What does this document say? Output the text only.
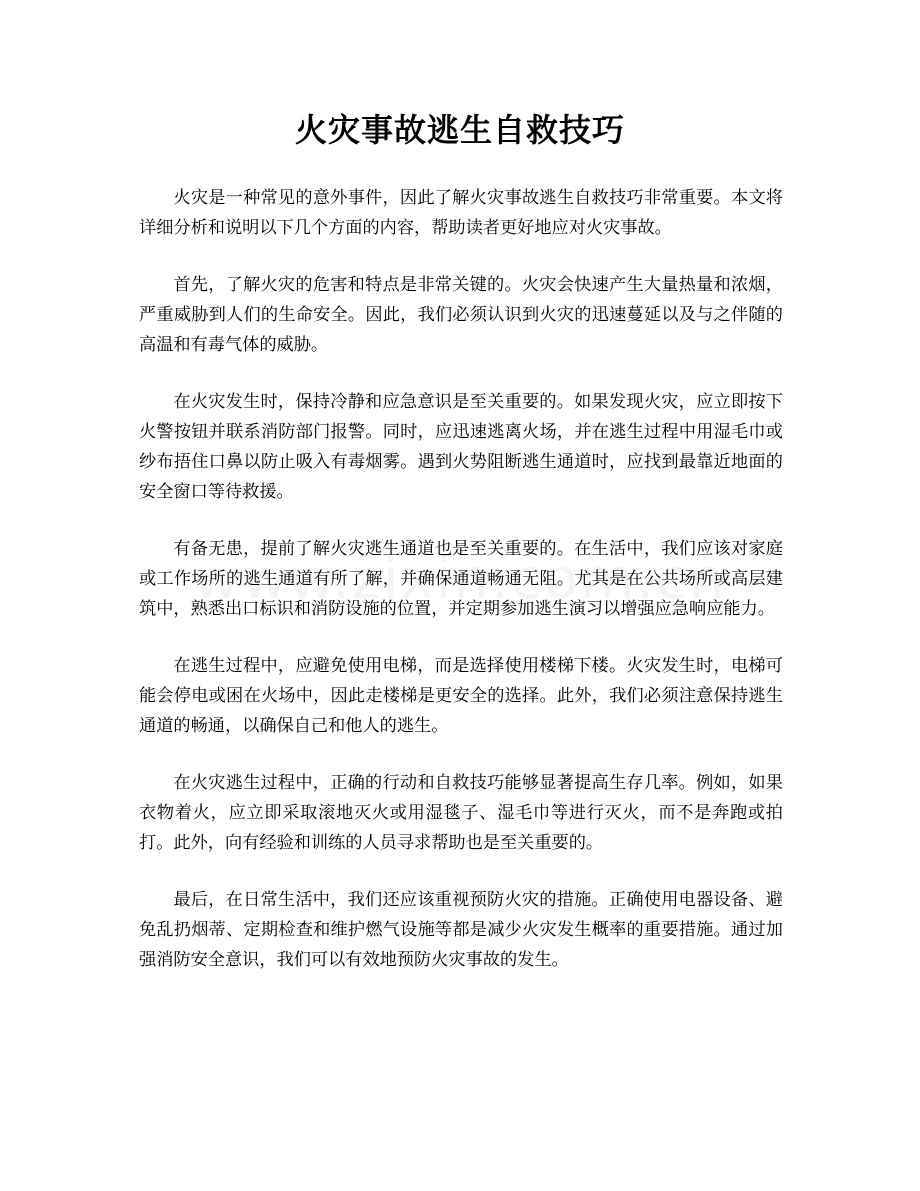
火灾事故逃生自救技巧

火灾是一种常见的意外事件，因此了解火灾事故逃生自救技巧非常重要。本文将详细分析和说明以下几个方面的内容，帮助读者更好地应对火灾事故。

首先，了解火灾的危害和特点是非常关键的。火灾会快速产生大量热量和浓烟，严重威胁到人们的生命安全。因此，我们必须认识到火灾的迅速蔓延以及与之伴随的高温和有毒气体的威胁。

在火灾发生时，保持冷静和应急意识是至关重要的。如果发现火灾，应立即按下火警按钮并联系消防部门报警。同时，应迅速逃离火场，并在逃生过程中用湿毛巾或纱布捂住口鼻以防止吸入有毒烟雾。遇到火势阻断逃生通道时，应找到最靠近地面的安全窗口等待救援。

有备无患，提前了解火灾逃生通道也是至关重要的。在生活中，我们应该对家庭或工作场所的逃生通道有所了解，并确保通道畅通无阻。尤其是在公共场所或高层建筑中，熟悉出口标识和消防设施的位置，并定期参加逃生演习以增强应急响应能力。

在逃生过程中，应避免使用电梯，而是选择使用楼梯下楼。火灾发生时，电梯可能会停电或困在火场中，因此走楼梯是更安全的选择。此外，我们必须注意保持逃生通道的畅通，以确保自己和他人的逃生。

在火灾逃生过程中，正确的行动和自救技巧能够显著提高生存几率。例如，如果衣物着火，应立即采取滚地灭火或用湿毯子、湿毛巾等进行灭火，而不是奔跑或拍打。此外，向有经验和训练的人员寻求帮助也是至关重要的。

最后，在日常生活中，我们还应该重视预防火灾的措施。正确使用电器设备、避免乱扔烟蒂、定期检查和维护燃气设施等都是减少火灾发生概率的重要措施。通过加强消防安全意识，我们可以有效地预防火灾事故的发生。
